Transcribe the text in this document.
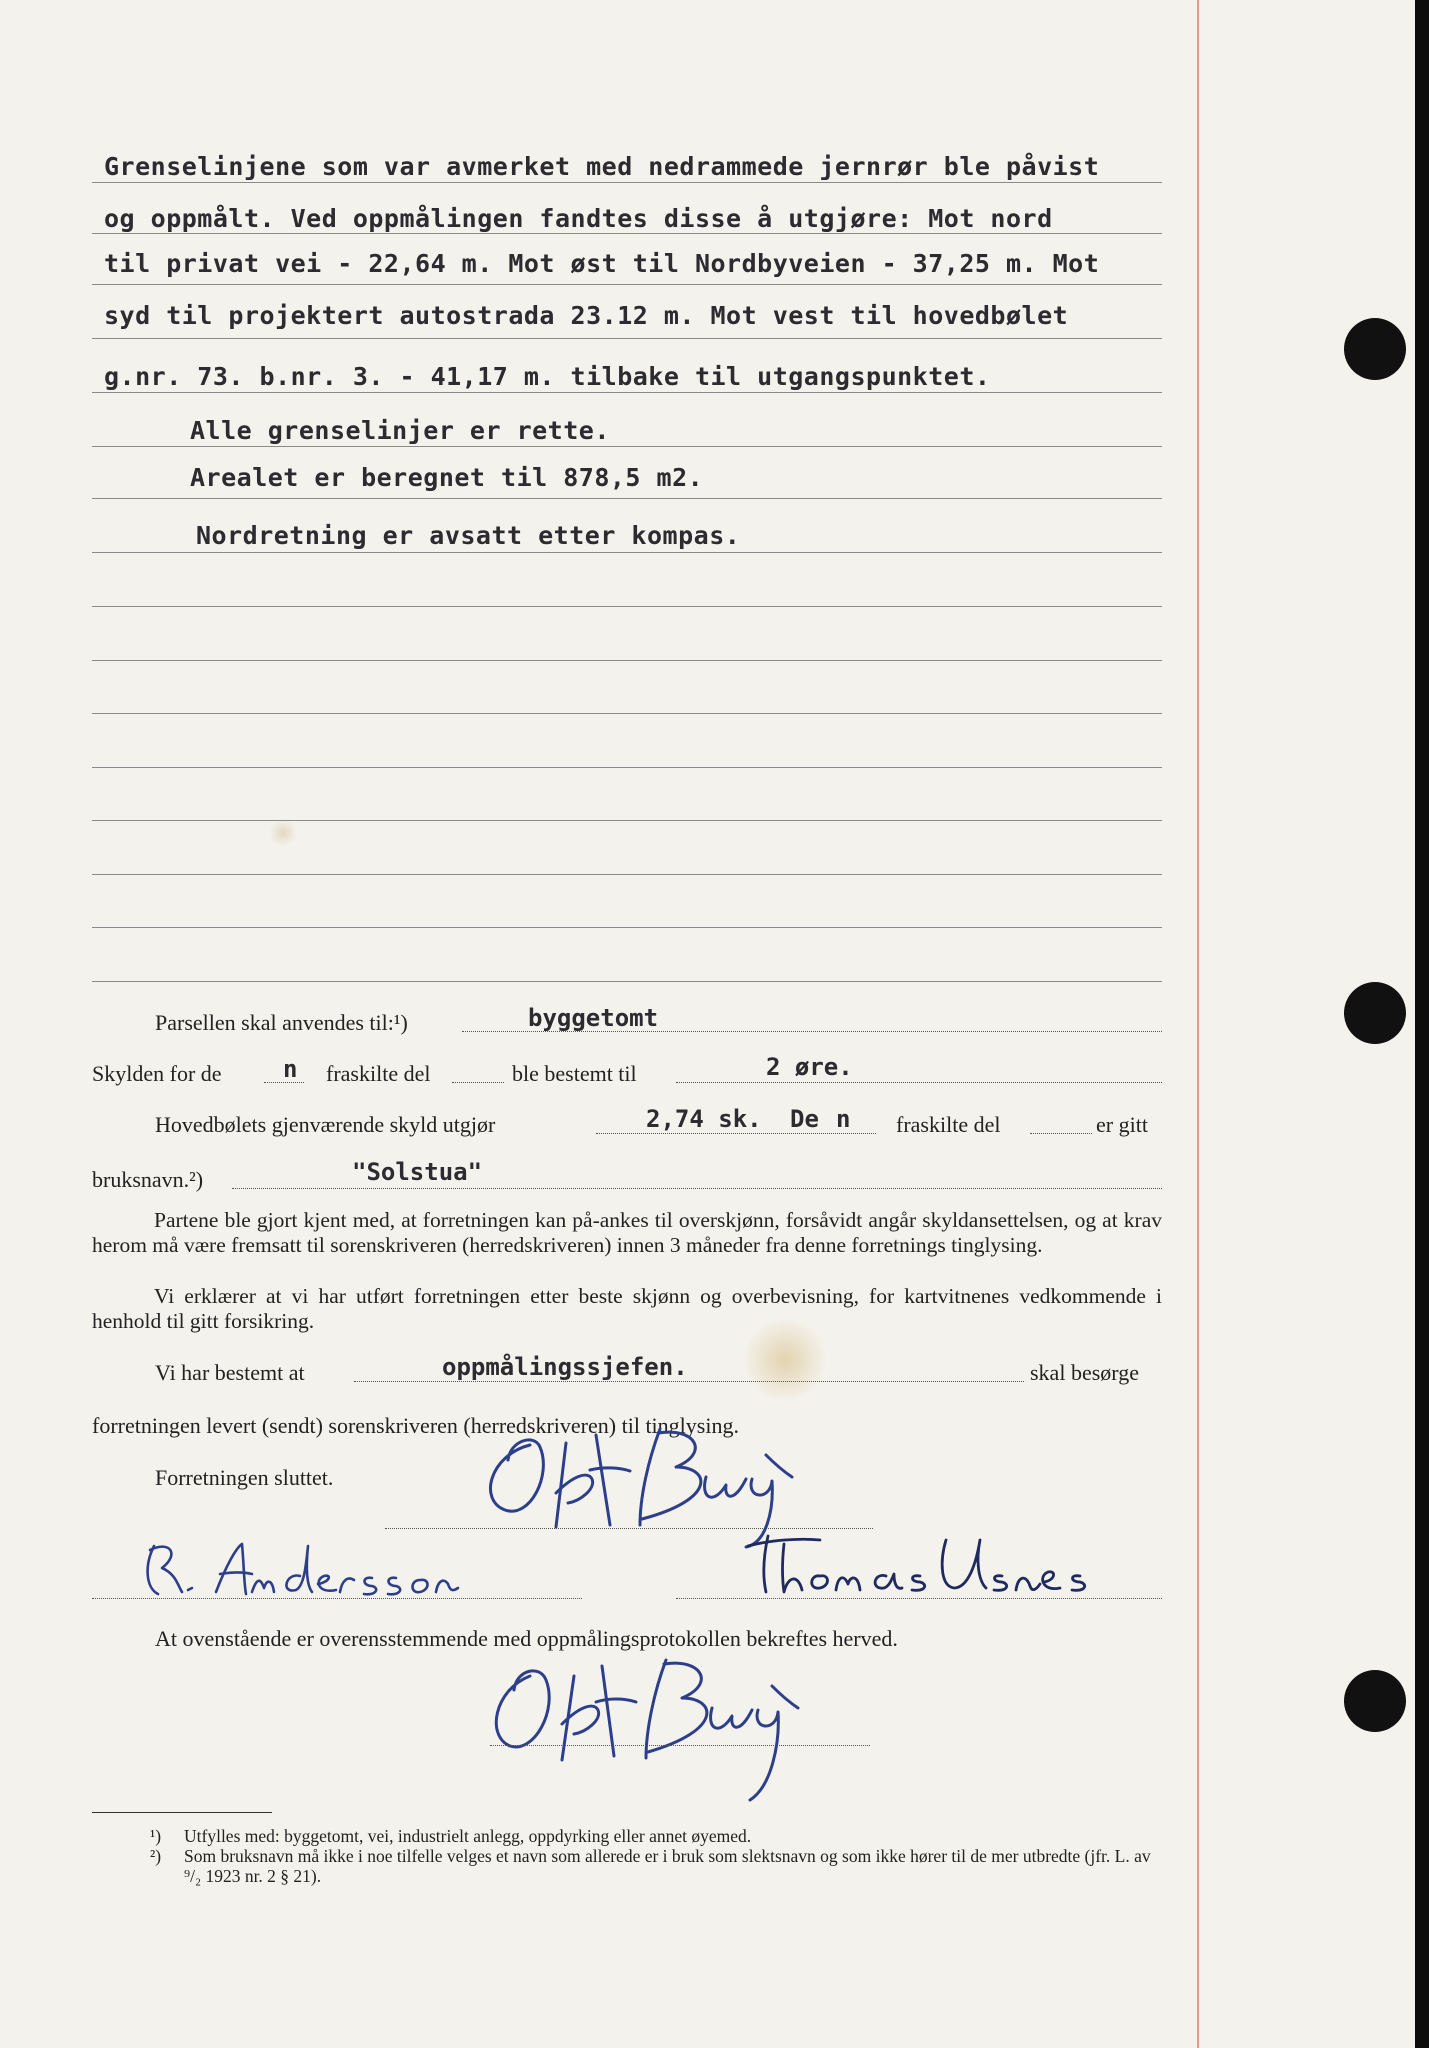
Grenselinjene som var avmerket med nedrammede jernrør ble påvist
og oppmålt. Ved oppmålingen fandtes disse å utgjøre: Mot nord
til privat vei - 22,64 m. Mot øst til Nordbyveien - 37,25 m. Mot
syd til projektert autostrada 23.12 m. Mot vest til hovedbølet
g.nr. 73. b.nr. 3. - 41,17 m. tilbake til utgangspunktet.
Alle grenselinjer er rette.
Arealet er beregnet til 878,5 m2.
Nordretning er avsatt etter kompas.
Parsellen skal anvendes til:¹)	byggetomt
Skylden for de	n fraskilte del	ble bestemt til	2 øre.
Hovedbølets gjenværende skyld utgjør	2,74 sk. De n fraskilte del	er gitt
bruksnavn.²)	"Solstua"
Partene ble gjort kjent med, at forretningen kan på-ankes til overskjønn, forsåvidt angår skyldansettelsen, og at krav herom må være fremsatt til sorenskriveren (herredskriveren) innen 3 måneder fra denne forretnings tinglysing.
Vi erklærer at vi har utført forretningen etter beste skjønn og overbevisning, for kartvitnenes vedkommende i henhold til gitt forsikring.
Vi har bestemt at	oppmålingssjefen.	skal besørge
forretningen levert (sendt) sorenskriveren (herredskriveren) til tinglysing.
Forretningen sluttet.
At ovenstående er overensstemmende med oppmålingsprotokollen bekreftes herved.
¹) Utfylles med: byggetomt, vei, industrielt anlegg, oppdyrking eller annet øyemed.
²) Som bruksnavn må ikke i noe tilfelle velges et navn som allerede er i bruk som slektsnavn og som ikke hører til de mer utbredte (jfr. L. av ⁹/₂ 1923 nr. 2 § 21).
